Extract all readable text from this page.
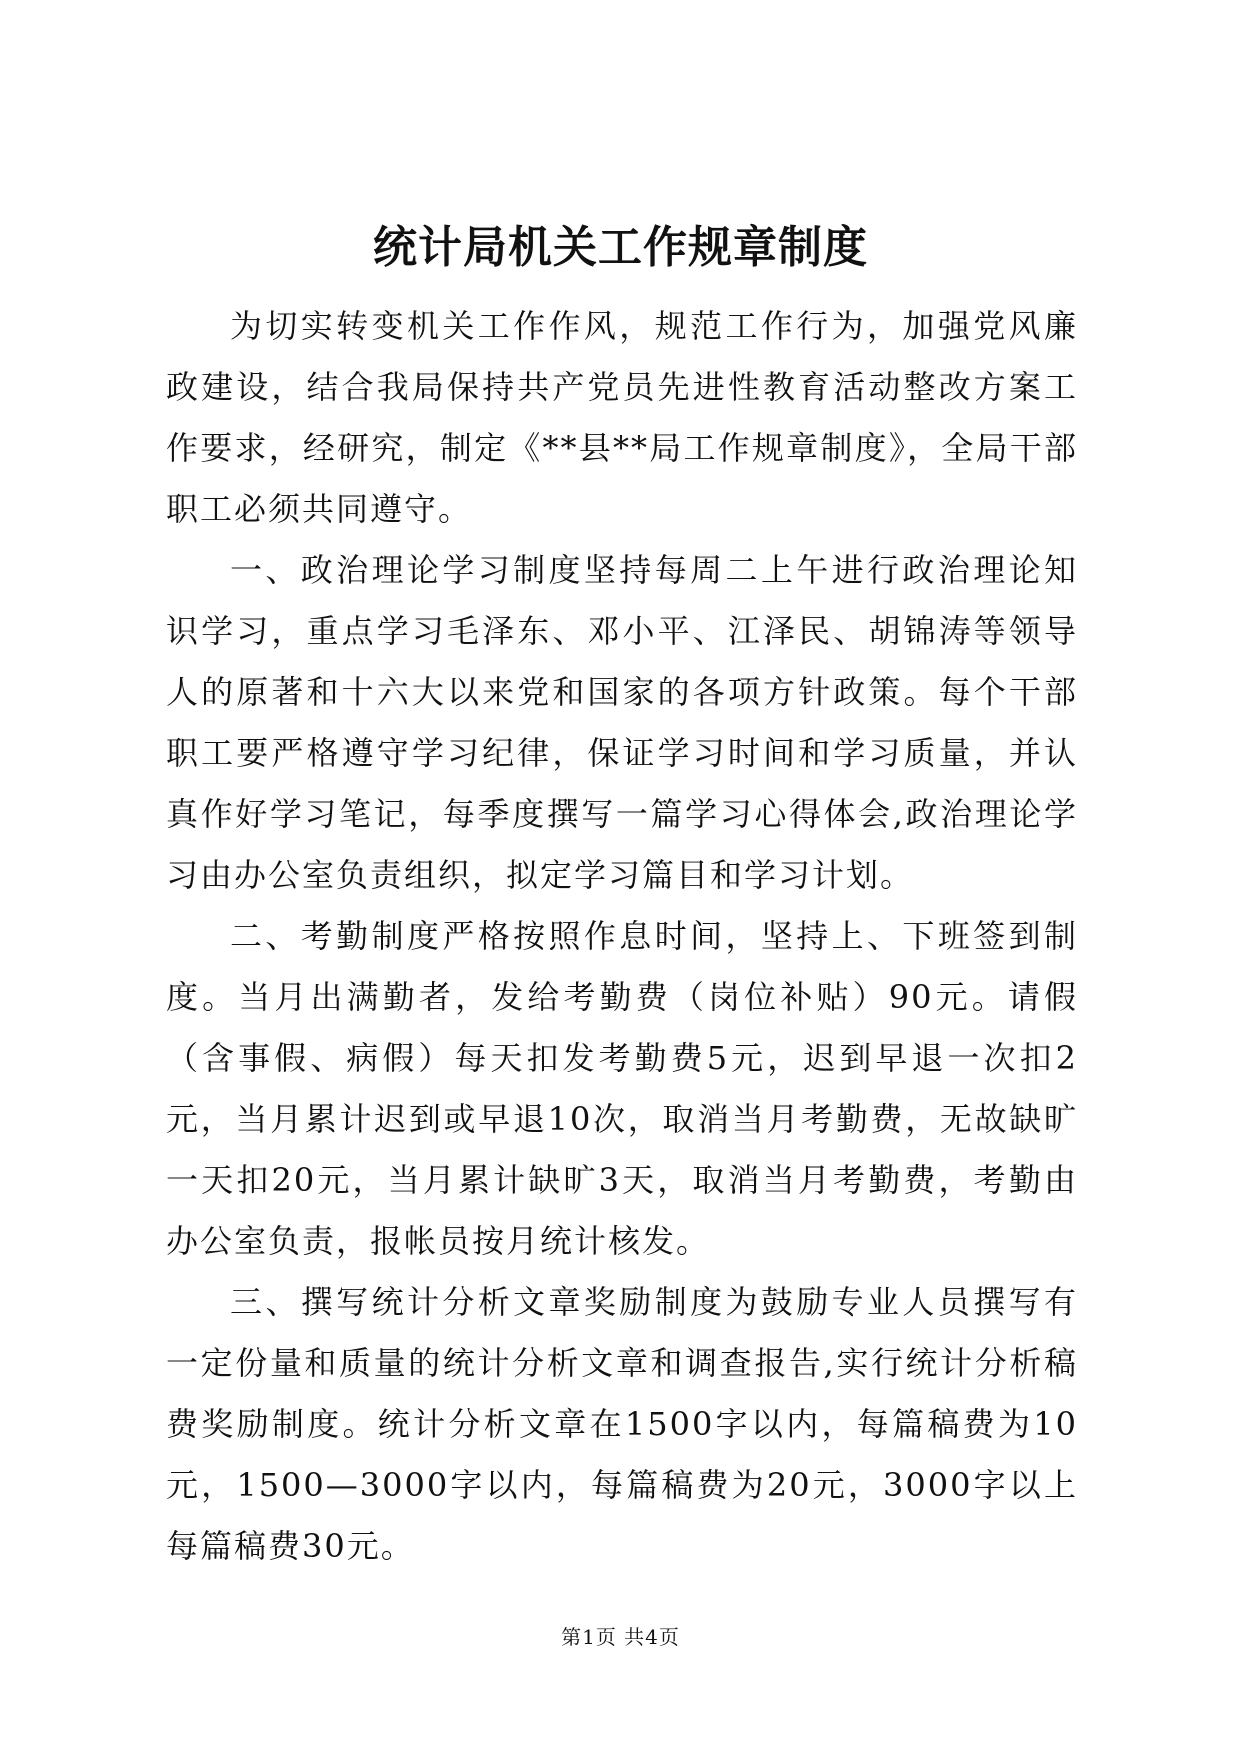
统计局机关工作规章制度

为切实转变机关工作作风，规范工作行为，加强党风廉政建设，结合我局保持共产党员先进性教育活动整改方案工作要求，经研究，制定《**县**局工作规章制度》，全局干部职工必须共同遵守。

一、政治理论学习制度坚持每周二上午进行政治理论知识学习，重点学习毛泽东、邓小平、江泽民、胡锦涛等领导人的原著和十六大以来党和国家的各项方针政策。每个干部职工要严格遵守学习纪律，保证学习时间和学习质量，并认真作好学习笔记，每季度撰写一篇学习心得体会,政治理论学习由办公室负责组织，拟定学习篇目和学习计划。

二、考勤制度严格按照作息时间，坚持上、下班签到制度。当月出满勤者，发给考勤费（岗位补贴）90元。请假（含事假、病假）每天扣发考勤费5元，迟到早退一次扣2元，当月累计迟到或早退10次，取消当月考勤费，无故缺旷一天扣20元，当月累计缺旷3天，取消当月考勤费，考勤由办公室负责，报帐员按月统计核发。

三、撰写统计分析文章奖励制度为鼓励专业人员撰写有一定份量和质量的统计分析文章和调查报告,实行统计分析稿费奖励制度。统计分析文章在1500字以内，每篇稿费为10元，1500—3000字以内，每篇稿费为20元，3000字以上每篇稿费30元。

第1页 共4页
